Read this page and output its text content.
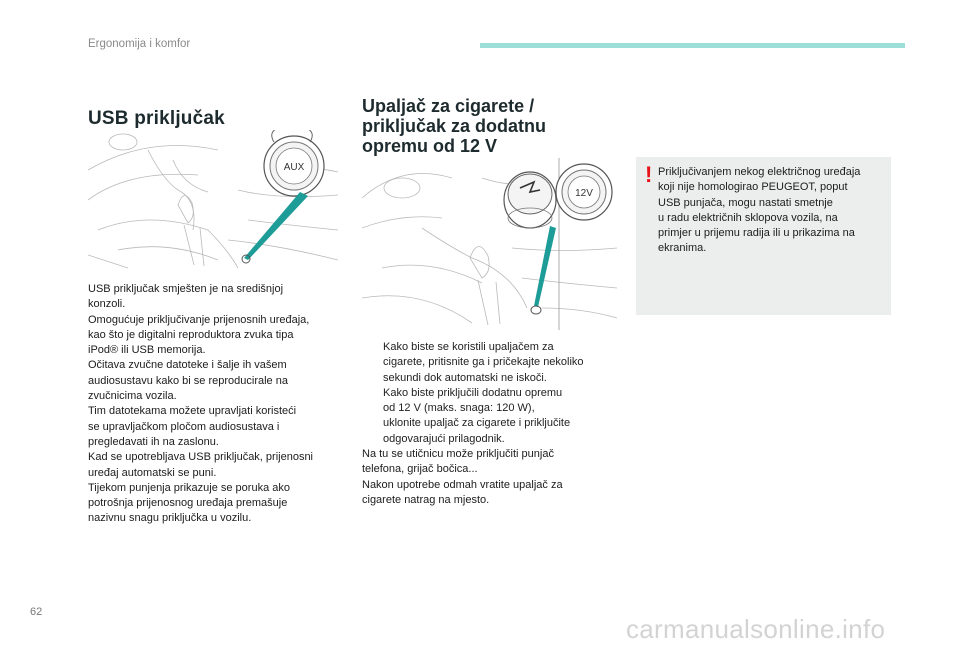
Ergonomija i komfor
USB priključak
AUX
USB priključak smješten je na središnjoj
konzoli.
Omogućuje priključivanje prijenosnih uređaja,
kao što je digitalni reproduktora zvuka tipa
iPod® ili USB memorija.
Očitava zvučne datoteke i šalje ih vašem
audiosustavu kako bi se reproducirale na
zvučnicima vozila.
Tim datotekama možete upravljati koristeći
se upravljačkom pločom audiosustava i
pregledavati ih na zaslonu.
Kad se upotrebljava USB priključak, prijenosni
uređaj automatski se puni.
Tijekom punjenja prikazuje se poruka ako
potrošnja prijenosnog uređaja premašuje
nazivnu snagu priključka u vozilu.
Upaljač za cigarete /
priključak za dodatnu
opremu od 12 V
12V
Kako biste se koristili upaljačem za
cigarete, pritisnite ga i pričekajte nekoliko
sekundi dok automatski ne iskoči.
Kako biste priključili dodatnu opremu
od 12 V (maks. snaga: 120 W),
uklonite upaljač za cigarete i priključite
odgovarajući prilagodnik.
Na tu se utičnicu može priključiti punjač
telefona, grijač bočica...
Nakon upotrebe odmah vratite upaljač za
cigarete natrag na mjesto.
! Priključivanjem nekog električnog uređaja
koji nije homologirao PEUGEOT, poput
USB punjača, mogu nastati smetnje
u radu električnih sklopova vozila, na
primjer u prijemu radija ili u prikazima na
ekranima.
62
carmanualsonline.info
